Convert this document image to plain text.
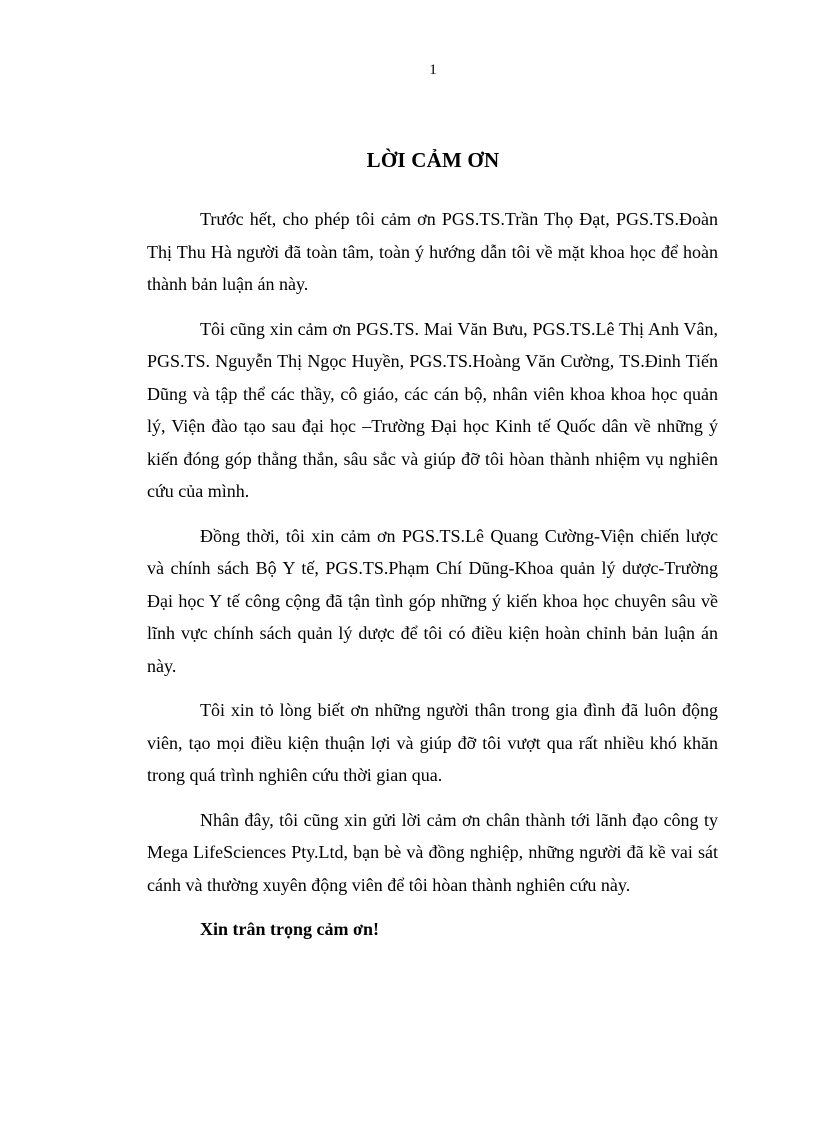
1
LỜI CẢM ƠN

Trước hết, cho phép tôi cảm ơn PGS.TS.Trần Thọ Đạt, PGS.TS.Đoàn Thị Thu Hà người đã toàn tâm, toàn ý hướng dẫn tôi về mặt khoa học để hoàn thành bản luận án này.

Tôi cũng xin cảm ơn PGS.TS. Mai Văn Bưu, PGS.TS.Lê Thị Anh Vân, PGS.TS. Nguyễn Thị Ngọc Huyền, PGS.TS.Hoàng Văn Cường, TS.Đinh Tiến Dũng và tập thể các thầy, cô giáo, các cán bộ, nhân viên khoa khoa học quản lý, Viện đào tạo sau đại học –Trường Đại học Kinh tế Quốc dân về những ý kiến đóng góp thẳng thắn, sâu sắc và giúp đỡ tôi hòan thành nhiệm vụ nghiên cứu của mình.

Đồng thời, tôi xin cảm ơn PGS.TS.Lê Quang Cường-Viện chiến lược và chính sách Bộ Y tế, PGS.TS.Phạm Chí Dũng-Khoa quản lý dược-Trường Đại học Y tế công cộng đã tận tình góp những ý kiến khoa học chuyên sâu về lĩnh vực chính sách quản lý dược để tôi có điều kiện hoàn chỉnh bản luận án này.

Tôi xin tỏ lòng biết ơn những người thân trong gia đình đã luôn động viên, tạo mọi điều kiện thuận lợi và giúp đỡ tôi vượt qua rất nhiều khó khăn trong quá trình nghiên cứu thời gian qua.

Nhân đây, tôi cũng xin gửi lời cảm ơn chân thành tới lãnh đạo công ty Mega LifeSciences Pty.Ltd, bạn bè và đồng nghiệp, những người đã kề vai sát cánh và thường xuyên động viên để tôi hòan thành nghiên cứu này.

Xin trân trọng cảm ơn!
